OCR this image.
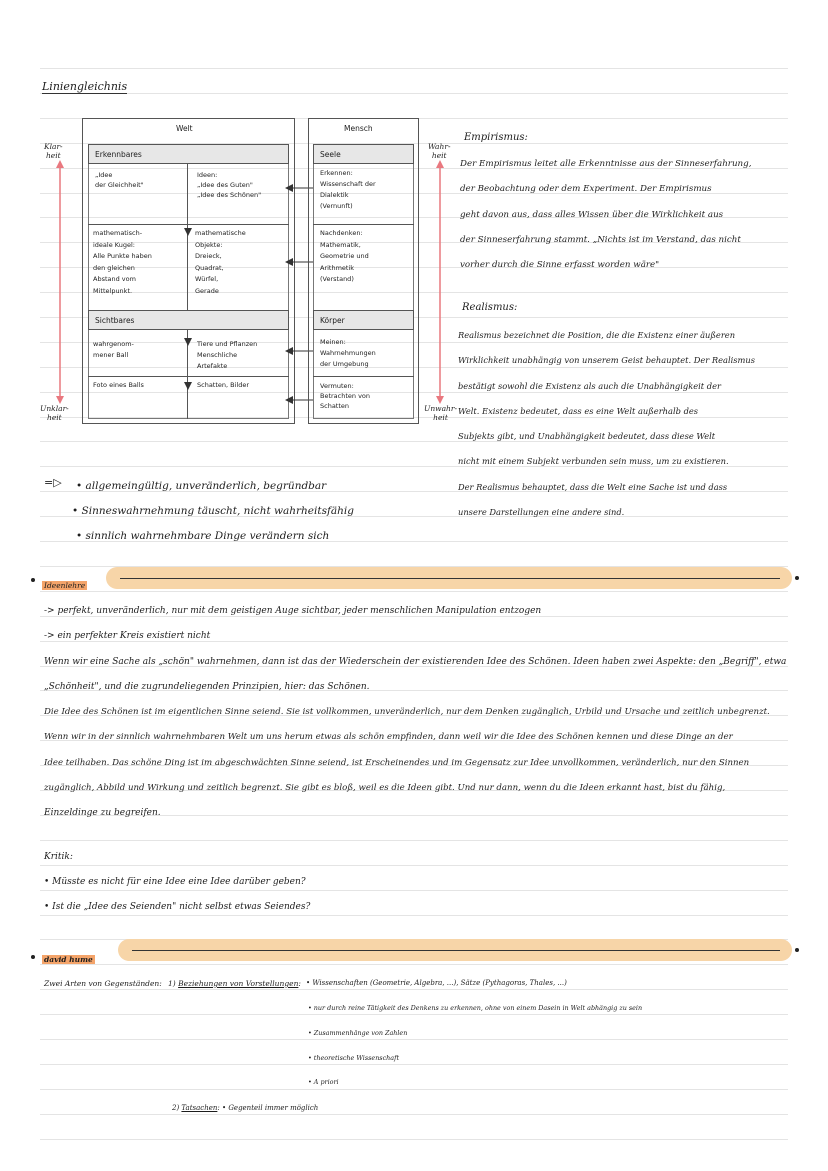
Liniengleichnis
Klar-
heit
Unklar-
heit
Welt
Erkennbares
„Idee
der Gleichheit"
Ideen:
„Idee des Guten"
„Idee des Schönen"
mathematisch-
ideale Kugel:
Alle Punkte haben
den gleichen
Abstand vom
Mittelpunkt.
mathematische
Objekte:
Dreieck,
Quadrat,
Würfel,
Gerade
Sichtbares
wahrgenom-
mener Ball
Tiere und Pflanzen
Menschliche
Artefakte
Foto eines Balls	Schatten, Bilder
Mensch
Seele
Erkennen:
Wissenschaft der
Dialektik
(Vernunft)
Nachdenken:
Mathematik,
Geometrie und
Arithmetik
(Verstand)
Körper
Meinen:
Wahrnehmungen
der Umgebung
Vermuten:
Betrachten von
Schatten
Wahr-
heit
Unwahr-
heit
Empirismus:
Der Empirismus leitet alle Erkenntnisse aus der Sinneserfahrung,
der Beobachtung oder dem Experiment. Der Empirismus
geht davon aus, dass alles Wissen über die Wirklichkeit aus
der Sinneserfahrung stammt. „Nichts ist im Verstand, das nicht
vorher durch die Sinne erfasst worden wäre"
Realismus:
Realismus bezeichnet die Position, die die Existenz einer äußeren
Wirklichkeit unabhängig von unserem Geist behauptet. Der Realismus
bestätigt sowohl die Existenz als auch die Unabhängigkeit der
Welt. Existenz bedeutet, dass es eine Welt außerhalb des
Subjekts gibt, und Unabhängigkeit bedeutet, dass diese Welt
nicht mit einem Subjekt verbunden sein muss, um zu existieren.
Der Realismus behauptet, dass die Welt eine Sache ist und dass
unsere Darstellungen eine andere sind.
=▷ • allgemeingültig, unveränderlich, begründbar
• Sinneswahrnehmung täuscht, nicht wahrheitsfähig
• sinnlich wahrnehmbare Dinge verändern sich
Ideenlehre
-> perfekt, unveränderlich, nur mit dem geistigen Auge sichtbar, jeder menschlichen Manipulation entzogen
-> ein perfekter Kreis existiert nicht
Wenn wir eine Sache als „schön" wahrnehmen, dann ist das der Wiederschein der existierenden Idee des Schönen. Ideen haben zwei Aspekte: den „Begriff", etwa
„Schönheit", und die zugrundeliegenden Prinzipien, hier: das Schönen.
Die Idee des Schönen ist im eigentlichen Sinne seiend. Sie ist vollkommen, unveränderlich, nur dem Denken zugänglich, Urbild und Ursache und zeitlich unbegrenzt.
Wenn wir in der sinnlich wahrnehmbaren Welt um uns herum etwas als schön empfinden, dann weil wir die Idee des Schönen kennen und diese Dinge an der
Idee teilhaben. Das schöne Ding ist im abgeschwächten Sinne seiend, ist Erscheinendes und im Gegensatz zur Idee unvollkommen, veränderlich, nur den Sinnen
zugänglich, Abbild und Wirkung und zeitlich begrenzt. Sie gibt es bloß, weil es die Ideen gibt. Und nur dann, wenn du die Ideen erkannt hast, bist du fähig,
Einzeldinge zu begreifen.
Kritik:
• Müsste es nicht für eine Idee eine Idee darüber geben?
• Ist die „Idee des Seienden" nicht selbst etwas Seiendes?
david hume
Zwei Arten von Gegenständen: 1) Beziehungen von Vorstellungen: • Wissenschaften (Geometrie, Algebra, ...), Sätze (Pythagoras, Thales, ...)
• nur durch reine Tätigkeit des Denkens zu erkennen, ohne von einem Dasein in Welt abhängig zu sein
• Zusammenhänge von Zahlen
• theoretische Wissenschaft
• A priori
2) Tatsachen: • Gegenteil immer möglich
